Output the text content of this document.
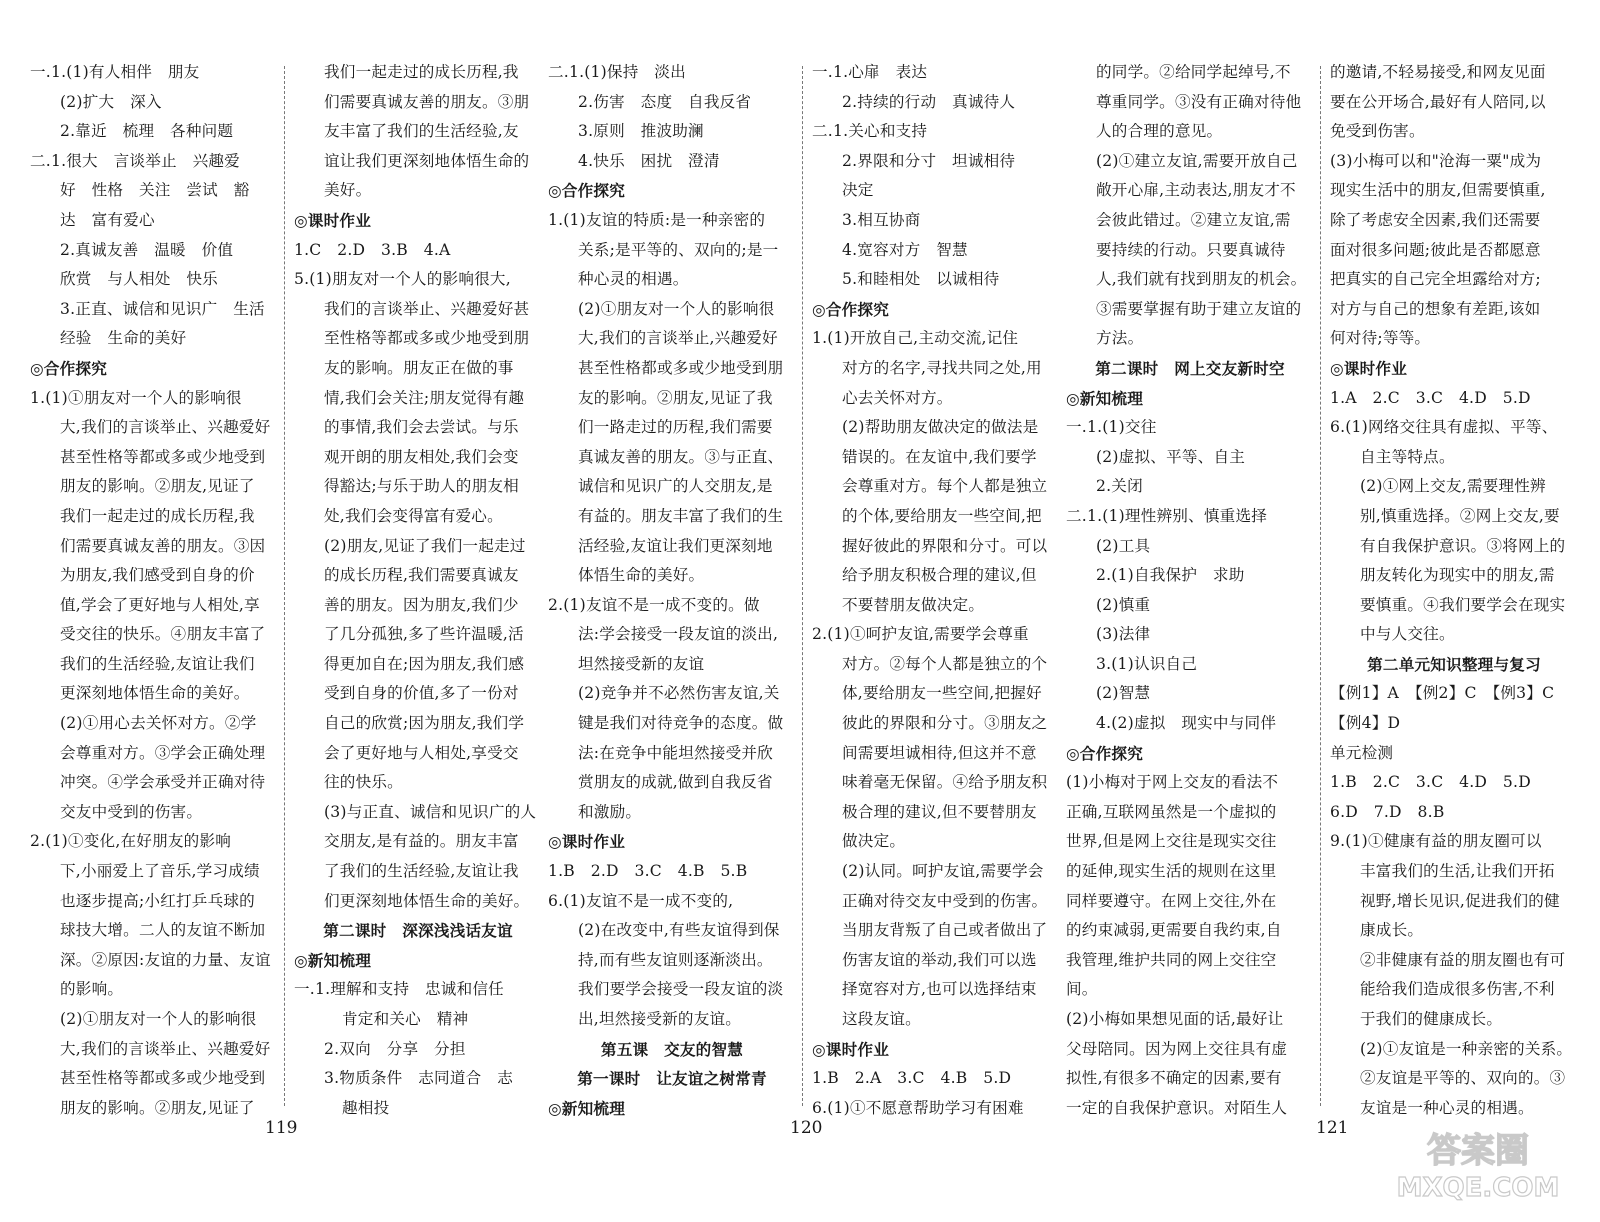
一.1.(1)有人相伴　朋友
(2)扩大　深入
2.靠近　梳理　各种问题
二.1.很大　言谈举止　兴趣爱
好　性格　关注　尝试　豁
达　富有爱心
2.真诚友善　温暖　价值
欣赏　与人相处　快乐
3.正直、诚信和见识广　生活
经验　生命的美好
◎合作探究
1.(1)①朋友对一个人的影响很
大,我们的言谈举止、兴趣爱好
甚至性格等都或多或少地受到
朋友的影响。②朋友,见证了
我们一起走过的成长历程,我
们需要真诚友善的朋友。③因
为朋友,我们感受到自身的价
值,学会了更好地与人相处,享
受交往的快乐。④朋友丰富了
我们的生活经验,友谊让我们
更深刻地体悟生命的美好。
(2)①用心去关怀对方。②学
会尊重对方。③学会正确处理
冲突。④学会承受并正确对待
交友中受到的伤害。
2.(1)①变化,在好朋友的影响
下,小丽爱上了音乐,学习成绩
也逐步提高;小红打乒乓球的
球技大增。二人的友谊不断加
深。②原因:友谊的力量、友谊
的影响。
(2)①朋友对一个人的影响很
大,我们的言谈举止、兴趣爱好
甚至性格等都或多或少地受到
朋友的影响。②朋友,见证了
我们一起走过的成长历程,我
们需要真诚友善的朋友。③朋
友丰富了我们的生活经验,友
谊让我们更深刻地体悟生命的
美好。
◎课时作业
1.C　2.D　3.B　4.A
5.(1)朋友对一个人的影响很大,
我们的言谈举止、兴趣爱好甚
至性格等都或多或少地受到朋
友的影响。朋友正在做的事
情,我们会关注;朋友觉得有趣
的事情,我们会去尝试。与乐
观开朗的朋友相处,我们会变
得豁达;与乐于助人的朋友相
处,我们会变得富有爱心。
(2)朋友,见证了我们一起走过
的成长历程,我们需要真诚友
善的朋友。因为朋友,我们少
了几分孤独,多了些许温暖,活
得更加自在;因为朋友,我们感
受到自身的价值,多了一份对
自己的欣赏;因为朋友,我们学
会了更好地与人相处,享受交
往的快乐。
(3)与正直、诚信和见识广的人
交朋友,是有益的。朋友丰富
了我们的生活经验,友谊让我
们更深刻地体悟生命的美好。
第二课时　深深浅浅话友谊
◎新知梳理
一.1.理解和支持　忠诚和信任
肯定和关心　精神
2.双向　分享　分担
3.物质条件　志同道合　志
趣相投
119
二.1.(1)保持　淡出
2.伤害　态度　自我反省
3.原则　推波助澜
4.快乐　困扰　澄清
◎合作探究
1.(1)友谊的特质:是一种亲密的
关系;是平等的、双向的;是一
种心灵的相遇。
(2)①朋友对一个人的影响很
大,我们的言谈举止,兴趣爱好
甚至性格都或多或少地受到朋
友的影响。②朋友,见证了我
们一路走过的历程,我们需要
真诚友善的朋友。③与正直、
诚信和见识广的人交朋友,是
有益的。朋友丰富了我们的生
活经验,友谊让我们更深刻地
体悟生命的美好。
2.(1)友谊不是一成不变的。做
法:学会接受一段友谊的淡出,
坦然接受新的友谊
(2)竞争并不必然伤害友谊,关
键是我们对待竞争的态度。做
法:在竞争中能坦然接受并欣
赏朋友的成就,做到自我反省
和激励。
◎课时作业
1.B　2.D　3.C　4.B　5.B
6.(1)友谊不是一成不变的,
(2)在改变中,有些友谊得到保
持,而有些友谊则逐渐淡出。
我们要学会接受一段友谊的淡
出,坦然接受新的友谊。
第五课　交友的智慧
第一课时　让友谊之树常青
◎新知梳理
一.1.心扉　表达
2.持续的行动　真诚待人
二.1.关心和支持
2.界限和分寸　坦诚相待
决定
3.相互协商
4.宽容对方　智慧
5.和睦相处　以诚相待
◎合作探究
1.(1)开放自己,主动交流,记住
对方的名字,寻找共同之处,用
心去关怀对方。
(2)帮助朋友做决定的做法是
错误的。在友谊中,我们要学
会尊重对方。每个人都是独立
的个体,要给朋友一些空间,把
握好彼此的界限和分寸。可以
给予朋友积极合理的建议,但
不要替朋友做决定。
2.(1)①呵护友谊,需要学会尊重
对方。②每个人都是独立的个
体,要给朋友一些空间,把握好
彼此的界限和分寸。③朋友之
间需要坦诚相待,但这并不意
味着毫无保留。④给予朋友积
极合理的建议,但不要替朋友
做决定。
(2)认同。呵护友谊,需要学会
正确对待交友中受到的伤害。
当朋友背叛了自己或者做出了
伤害友谊的举动,我们可以选
择宽容对方,也可以选择结束
这段友谊。
◎课时作业
1.B　2.A　3.C　4.B　5.D
6.(1)①不愿意帮助学习有困难
120
的同学。②给同学起绰号,不
尊重同学。③没有正确对待他
人的合理的意见。
(2)①建立友谊,需要开放自己
敞开心扉,主动表达,朋友才不
会彼此错过。②建立友谊,需
要持续的行动。只要真诚待
人,我们就有找到朋友的机会。
③需要掌握有助于建立友谊的
方法。
第二课时　网上交友新时空
◎新知梳理
一.1.(1)交往
(2)虚拟、平等、自主
2.关闭
二.1.(1)理性辨别、慎重选择
(2)工具
2.(1)自我保护　求助
(2)慎重
(3)法律
3.(1)认识自己
(2)智慧
4.(2)虚拟　现实中与同伴
◎合作探究
(1)小梅对于网上交友的看法不
正确,互联网虽然是一个虚拟的
世界,但是网上交往是现实交往
的延伸,现实生活的规则在这里
同样要遵守。在网上交往,外在
的约束减弱,更需要自我约束,自
我管理,维护共同的网上交往空
间。
(2)小梅如果想见面的话,最好让
父母陪同。因为网上交往具有虚
拟性,有很多不确定的因素,要有
一定的自我保护意识。对陌生人
的邀请,不轻易接受,和网友见面
要在公开场合,最好有人陪同,以
免受到伤害。
(3)小梅可以和"沧海一粟"成为
现实生活中的朋友,但需要慎重,
除了考虑安全因素,我们还需要
面对很多问题;彼此是否都愿意
把真实的自己完全坦露给对方;
对方与自己的想象有差距,该如
何对待;等等。
◎课时作业
1.A　2.C　3.C　4.D　5.D
6.(1)网络交往具有虚拟、平等、
自主等特点。
(2)①网上交友,需要理性辨
别,慎重选择。②网上交友,要
有自我保护意识。③将网上的
朋友转化为现实中的朋友,需
要慎重。④我们要学会在现实
中与人交往。
第二单元知识整理与复习
【例1】A　【例2】C　【例3】C
【例4】D
单元检测
1.B　2.C　3.C　4.D　5.D
6.D　7.D　8.B
9.(1)①健康有益的朋友圈可以
丰富我们的生活,让我们开拓
视野,增长见识,促进我们的健
康成长。
②非健康有益的朋友圈也有可
能给我们造成很多伤害,不利
于我们的健康成长。
(2)①友谊是一种亲密的关系。
②友谊是平等的、双向的。③
友谊是一种心灵的相遇。
121
答案圈
MXQE.COM
